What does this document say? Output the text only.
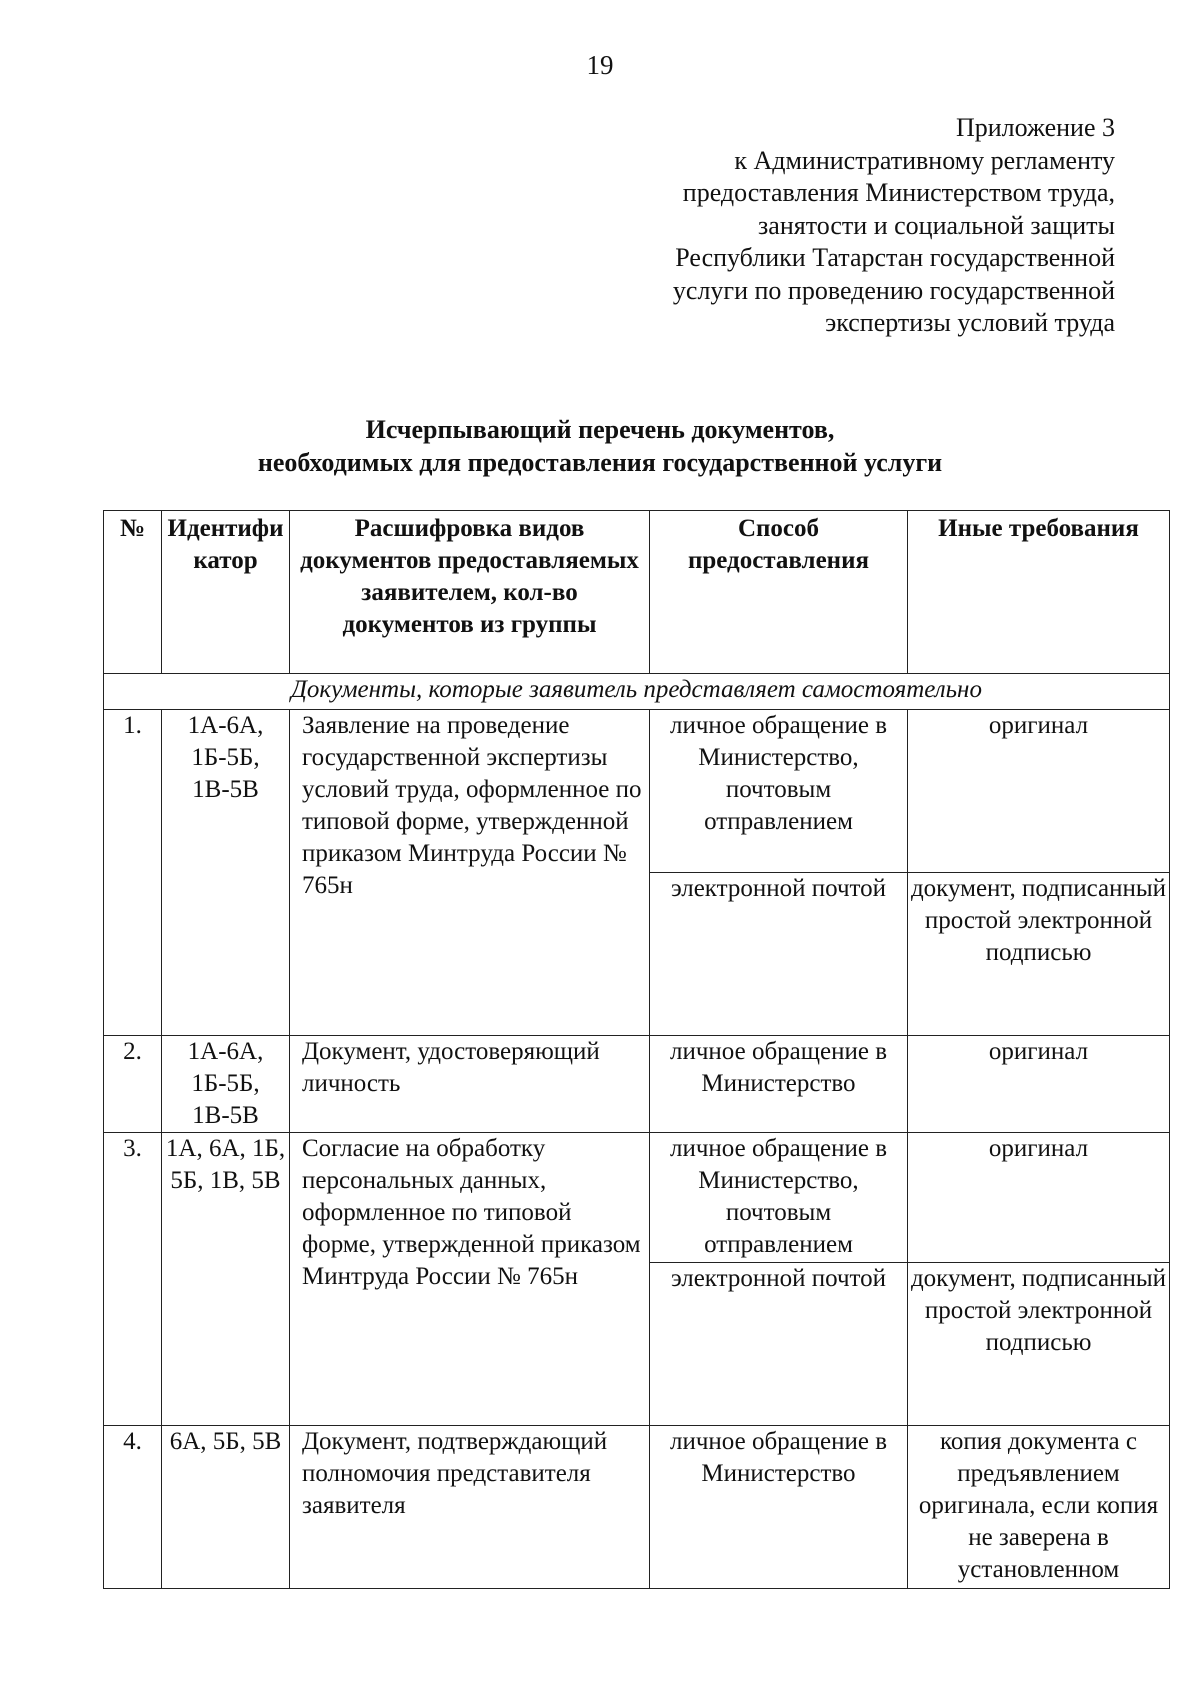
19
Приложение 3
к Административному регламенту
предоставления Министерством труда,
занятости и социальной защиты
Республики Татарстан государственной
услуги по проведению государственной
экспертизы условий труда
Исчерпывающий перечень документов,
необходимых для предоставления государственной услуги
№	Идентификатор	Расшифровка видов документов предоставляемых заявителем, кол-во документов из группы	Способ предоставления	Иные требования
Документы, которые заявитель представляет самостоятельно				
1.	1А-6А, 1Б-5Б, 1В-5В	Заявление на проведение государственной экспертизы условий труда, оформленное по типовой форме, утвержденной приказом Минтруда России № 765н	личное обращение в Министерство, почтовым отправлением	оригинал
			электронной почтой	документ, подписанный простой электронной подписью
2.	1А-6А, 1Б-5Б, 1В-5В	Документ, удостоверяющий личность	личное обращение в Министерство	оригинал
3.	1А, 6А, 1Б, 5Б, 1В, 5В	Согласие на обработку персональных данных, оформленное по типовой форме, утвержденной приказом Минтруда России № 765н	личное обращение в Министерство, почтовым отправлением	оригинал
			электронной почтой	документ, подписанный простой электронной подписью
4.	6А, 5Б, 5В	Документ, подтверждающий полномочия представителя заявителя	личное обращение в Министерство	копия документа с предъявлением оригинала, если копия не заверена в установленном
